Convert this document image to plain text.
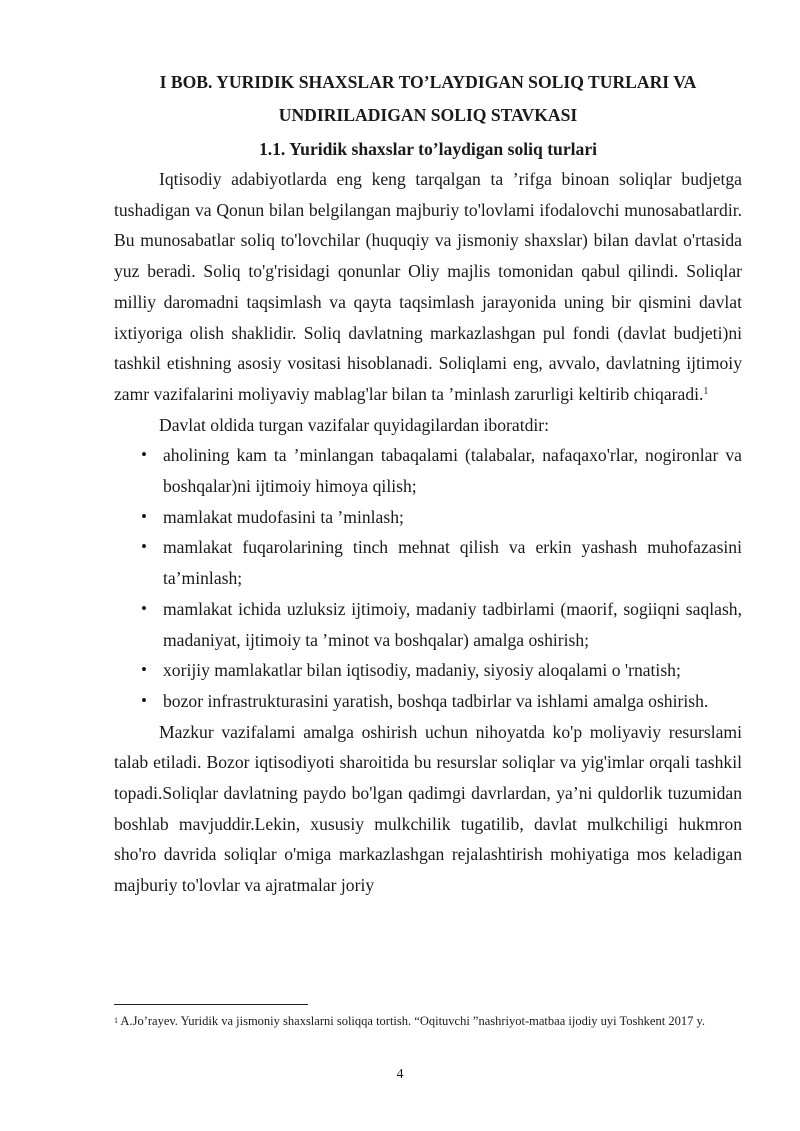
I BOB. YURIDIK SHAXSLAR TO’LAYDIGAN SOLIQ TURLARI VA
UNDIRILADIGAN SOLIQ STAVKASI
1.1. Yuridik shaxslar to’laydigan soliq turlari

Iqtisodiy adabiyotlarda eng keng tarqalgan ta ’rifga binoan soliqlar budjetga tushadigan va Qonun bilan belgilangan majburiy to'lovlami ifodalovchi munosabatlardir. Bu munosabatlar soliq to'lovchilar (huquqiy va jismoniy shaxslar) bilan davlat o'rtasida yuz beradi. Soliq to'g'risidagi qonunlar Oliy majlis tomonidan qabul qilindi. Soliqlar milliy daromadni taqsimlash va qayta taqsimlash jarayonida uning bir qismini davlat ixtiyoriga olish shaklidir. Soliq davlatning markazlashgan pul fondi (davlat budjeti)ni tashkil etishning asosiy vositasi hisoblanadi. Soliqlami eng, avvalo, davlatning ijtimoiy zamr vazifalarini moliyaviy mablag'lar bilan ta ’minlash zarurligi keltirib chiqaradi.$^1$

Davlat oldida turgan vazifalar quyidagilardan iboratdir:

• aholining kam ta ’minlangan tabaqalami (talabalar, nafaqaxo'rlar, nogironlar va boshqalar)ni ijtimoiy himoya qilish;
• mamlakat mudofasini ta ’minlash;
• mamlakat fuqarolarining tinch mehnat qilish va erkin yashash muhofazasini ta’minlash;
• mamlakat ichida uzluksiz ijtimoiy, madaniy tadbirlami (maorif, sogiiqni saqlash, madaniyat, ijtimoiy ta ’minot va boshqalar) amalga oshirish;
• xorijiy mamlakatlar bilan iqtisodiy, madaniy, siyosiy aloqalami o 'rnatish;
• bozor infrastrukturasini yaratish, boshqa tadbirlar va ishlami amalga oshirish.

Mazkur vazifalami amalga oshirish uchun nihoyatda ko'p moliyaviy resurslami talab etiladi. Bozor iqtisodiyoti sharoitida bu resurslar soliqlar va yig'imlar orqali tashkil topadi.Soliqlar davlatning paydo bo'lgan qadimgi davrlardan, ya’ni quldorlik tuzumidan boshlab mavjuddir.Lekin, xususiy mulkchilik tugatilib, davlat mulkchiligi hukmron sho'ro davrida soliqlar o'miga markazlashgan rejalashtirish mohiyatiga mos keladigan majburiy to'lovlar va ajratmalar joriy

$^1$ A.Jo’rayev. Yuridik va jismoniy shaxslarni soliqqa tortish. “Oqituvchi ”nashriyot-matbaa ijodiy uyi Toshkent 2017 y.
4
